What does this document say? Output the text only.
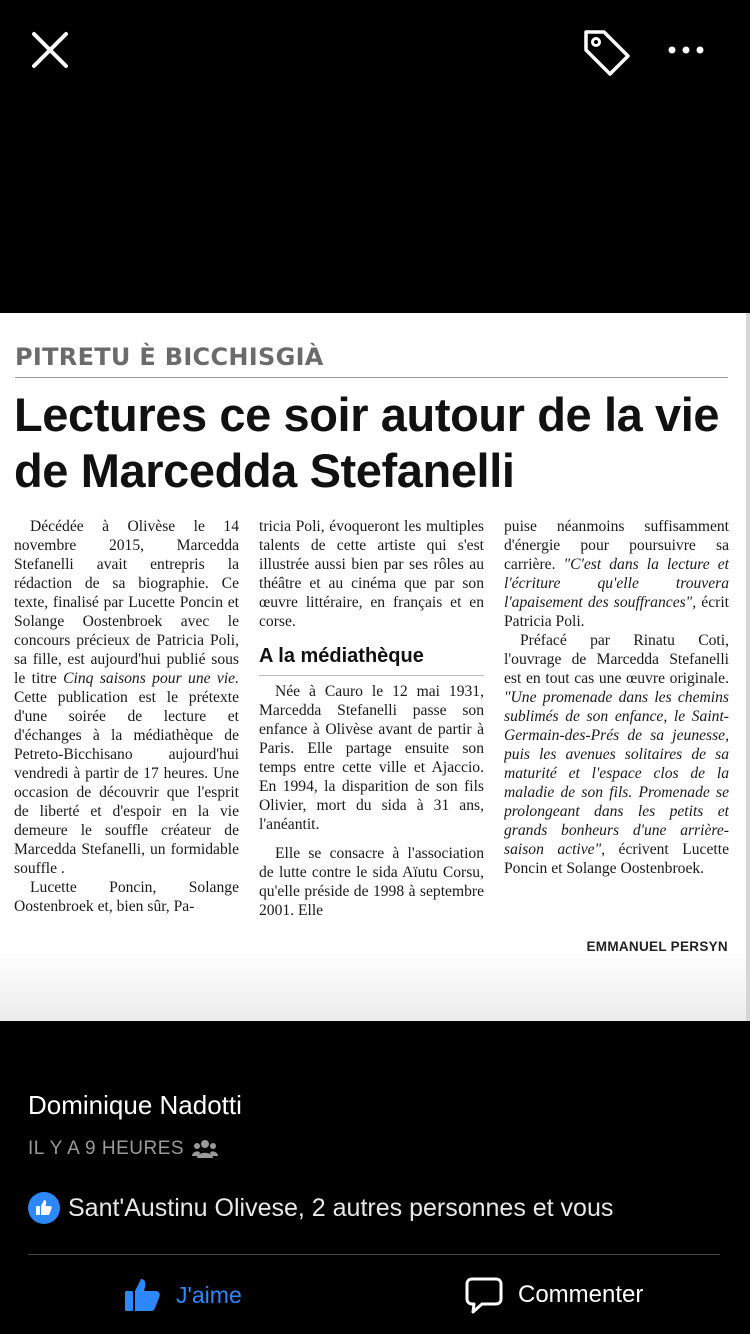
PITRETU È BICCHISGIÀ
Lectures ce soir autour de la vie
de Marcedda Stefanelli

Décédée à Olivèse le 14 novembre 2015, Marcedda Stefanelli avait entrepris la rédaction de sa biographie. Ce texte, finalisé par Lucette Poncin et Solange Oostenbroek avec le concours précieux de Patricia Poli, sa fille, est aujourd'hui publié sous le titre Cinq saisons pour une vie. Cette publication est le prétexte d'une soirée de lecture et d'échanges à la médiathèque de Petreto-Bicchisano aujourd'hui vendredi à partir de 17 heures. Une occasion de découvrir que l'esprit de liberté et d'espoir en la vie demeure le souffle créateur de Marcedda Stefanelli, un formidable souffle .

Lucette Poncin, Solange Oostenbroek et, bien sûr, Pa-

tricia Poli, évoqueront les multiples talents de cette artiste qui s'est illustrée aussi bien par ses rôles au théâtre et au cinéma que par son œuvre littéraire, en français et en corse.

A la médiathèque

Née à Cauro le 12 mai 1931, Marcedda Stefanelli passe son enfance à Olivèse avant de partir à Paris. Elle partage ensuite son temps entre cette ville et Ajaccio. En 1994, la disparition de son fils Olivier, mort du sida à 31 ans, l'anéantit.

Elle se consacre à l'association de lutte contre le sida Aïutu Corsu, qu'elle préside de 1998 à septembre 2001. Elle

puise néanmoins suffisamment d'énergie pour poursuivre sa carrière. "C'est dans la lecture et l'écriture qu'elle trouvera l'apaisement des souffrances", écrit Patricia Poli.

Préfacé par Rinatu Coti, l'ouvrage de Marcedda Stefanelli est en tout cas une œuvre originale. "Une promenade dans les chemins sublimés de son enfance, le Saint-Germain-des-Prés de sa jeunesse, puis les avenues solitaires de sa maturité et l'espace clos de la maladie de son fils. Promenade se prolongeant dans les petits et grands bonheurs d'une arrière-saison active", écrivent Lucette Poncin et Solange Oostenbroek.

EMMANUEL PERSYN
Dominique Nadotti
IL Y A 9 HEURES
Sant'Austinu Olivese, 2 autres personnes et vous
J'aime	Commenter
